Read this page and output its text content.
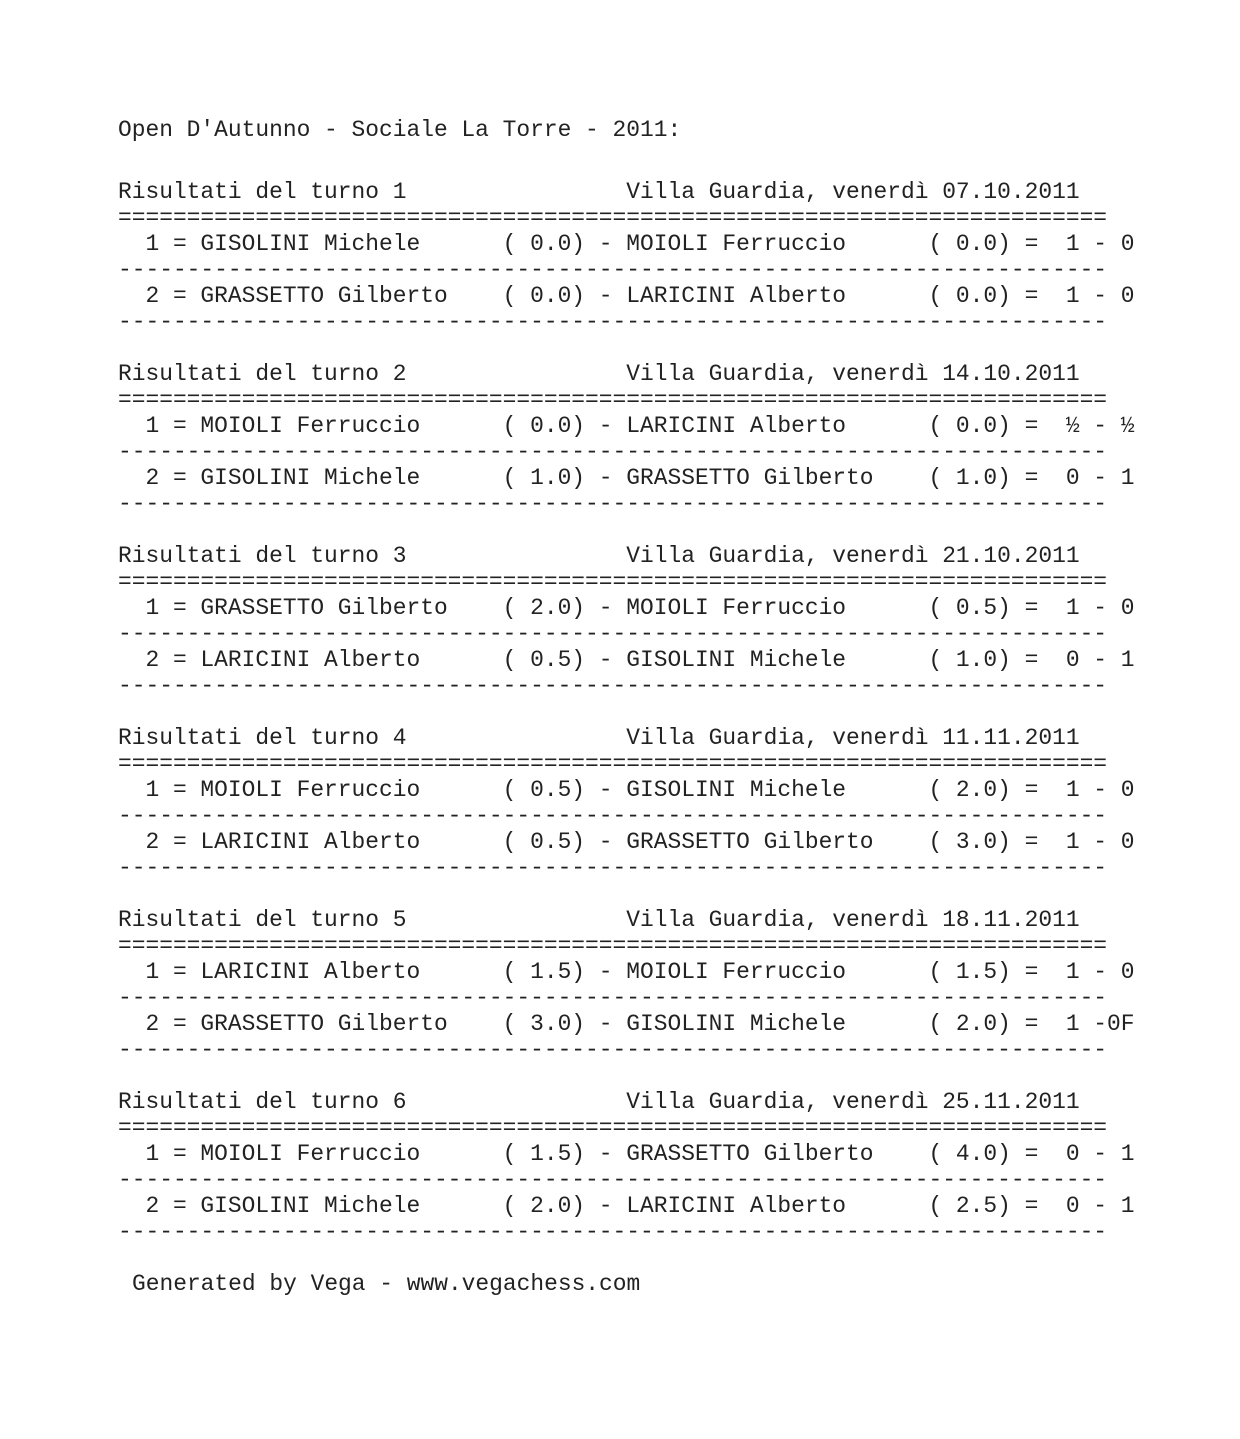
Open D'Autunno - Sociale La Torre - 2011:
Risultati del turno 1                Villa Guardia, venerdì 07.10.2011
========================================================================
1 = GISOLINI Michele      ( 0.0) - MOIOLI Ferruccio      ( 0.0) =  1 - 0
------------------------------------------------------------------------
2 = GRASSETTO Gilberto    ( 0.0) - LARICINI Alberto      ( 0.0) =  1 - 0
------------------------------------------------------------------------
Risultati del turno 2                Villa Guardia, venerdì 14.10.2011
========================================================================
1 = MOIOLI Ferruccio      ( 0.0) - LARICINI Alberto      ( 0.0) =  ½ - ½
------------------------------------------------------------------------
2 = GISOLINI Michele      ( 1.0) - GRASSETTO Gilberto    ( 1.0) =  0 - 1
------------------------------------------------------------------------
Risultati del turno 3                Villa Guardia, venerdì 21.10.2011
========================================================================
1 = GRASSETTO Gilberto    ( 2.0) - MOIOLI Ferruccio      ( 0.5) =  1 - 0
------------------------------------------------------------------------
2 = LARICINI Alberto      ( 0.5) - GISOLINI Michele      ( 1.0) =  0 - 1
------------------------------------------------------------------------
Risultati del turno 4                Villa Guardia, venerdì 11.11.2011
========================================================================
1 = MOIOLI Ferruccio      ( 0.5) - GISOLINI Michele      ( 2.0) =  1 - 0
------------------------------------------------------------------------
2 = LARICINI Alberto      ( 0.5) - GRASSETTO Gilberto    ( 3.0) =  1 - 0
------------------------------------------------------------------------
Risultati del turno 5                Villa Guardia, venerdì 18.11.2011
========================================================================
1 = LARICINI Alberto      ( 1.5) - MOIOLI Ferruccio      ( 1.5) =  1 - 0
------------------------------------------------------------------------
2 = GRASSETTO Gilberto    ( 3.0) - GISOLINI Michele      ( 2.0) =  1 -0F
------------------------------------------------------------------------
Risultati del turno 6                Villa Guardia, venerdì 25.11.2011
========================================================================
1 = MOIOLI Ferruccio      ( 1.5) - GRASSETTO Gilberto    ( 4.0) =  0 - 1
------------------------------------------------------------------------
2 = GISOLINI Michele      ( 2.0) - LARICINI Alberto      ( 2.5) =  0 - 1
------------------------------------------------------------------------
Generated by Vega - www.vegachess.com
